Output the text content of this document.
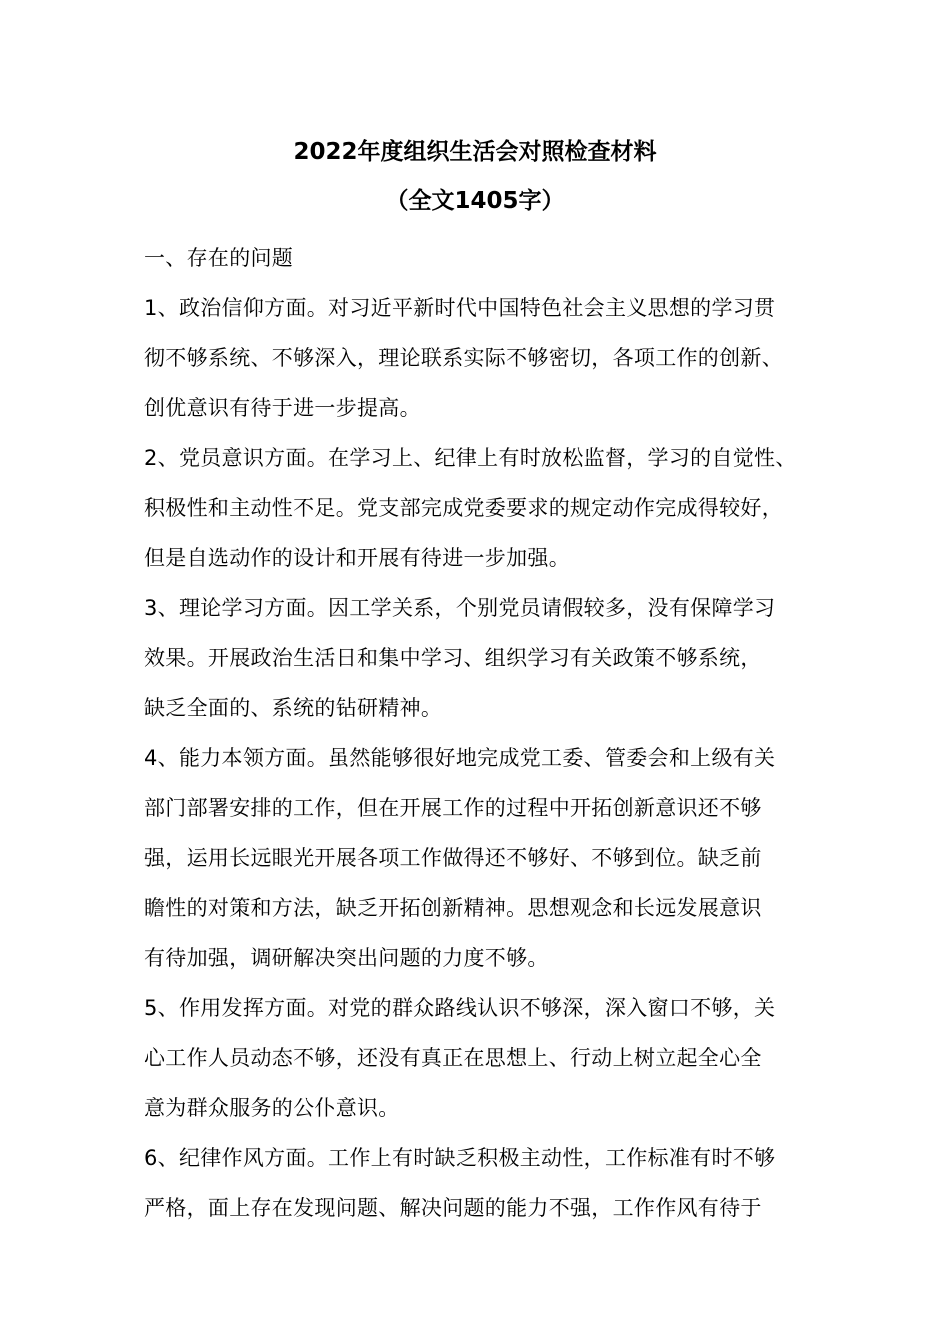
2022年度组织生活会对照检查材料
（全文1405字）

一、存在的问题

1、政治信仰方面。对习近平新时代中国特色社会主义思想的学习贯

彻不够系统、不够深入，理论联系实际不够密切，各项工作的创新、

创优意识有待于进一步提高。

2、党员意识方面。在学习上、纪律上有时放松监督，学习的自觉性、

积极性和主动性不足。党支部完成党委要求的规定动作完成得较好，

但是自选动作的设计和开展有待进一步加强。

3、理论学习方面。因工学关系，个别党员请假较多，没有保障学习

效果。开展政治生活日和集中学习、组织学习有关政策不够系统，

缺乏全面的、系统的钻研精神。

4、能力本领方面。虽然能够很好地完成党工委、管委会和上级有关

部门部署安排的工作，但在开展工作的过程中开拓创新意识还不够

强，运用长远眼光开展各项工作做得还不够好、不够到位。缺乏前

瞻性的对策和方法，缺乏开拓创新精神。思想观念和长远发展意识

有待加强，调研解决突出问题的力度不够。

5、作用发挥方面。对党的群众路线认识不够深，深入窗口不够，关

心工作人员动态不够，还没有真正在思想上、行动上树立起全心全

意为群众服务的公仆意识。

6、纪律作风方面。工作上有时缺乏积极主动性，工作标准有时不够

严格，面上存在发现问题、解决问题的能力不强，工作作风有待于
